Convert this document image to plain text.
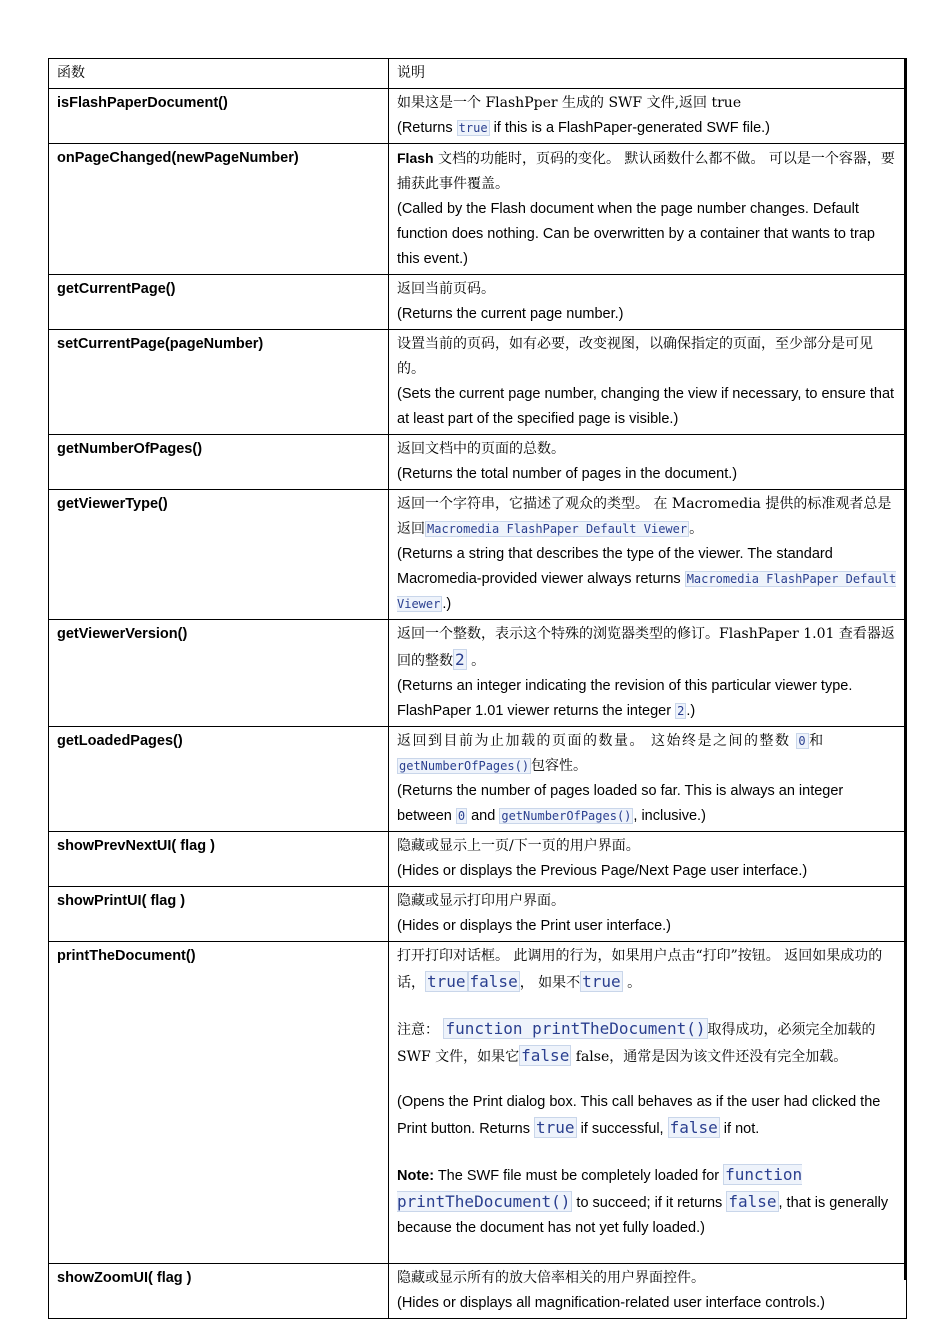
函数	说明
isFlashPaperDocument()	如果这是一个 FlashPper 生成的 SWF 文件,返回 true
(Returns true if this is a FlashPaper-generated SWF file.)

onPageChanged(newPageNumber)	Flash 文档的功能时，页码的变化。 默认函数什么都不做。 可以是一个容器，要捕获此事件覆盖。
(Called by the Flash document when the page number changes. Default function does nothing. Can be overwritten by a container that wants to trap this event.)

getCurrentPage()	返回当前页码。
(Returns the current page number.)

setCurrentPage(pageNumber)	设置当前的页码，如有必要，改变视图，以确保指定的页面，至少部分是可见的。
(Sets the current page number, changing the view if necessary, to ensure that at least part of the specified page is visible.)

getNumberOfPages()	返回文档中的页面的总数。
(Returns the total number of pages in the document.)

getViewerType()	返回一个字符串，它描述了观众的类型。 在 Macromedia 提供的标准观者总是返回 Macromedia FlashPaper Default Viewer 。
(Returns a string that describes the type of the viewer. The standard Macromedia-provided viewer always returns Macromedia FlashPaper Default Viewer .)

getViewerVersion()	返回一个整数，表示这个特殊的浏览器类型的修订。FlashPaper 1.01 查看器返回的整数 2 。
(Returns an integer indicating the revision of this particular viewer type. FlashPaper 1.01 viewer returns the integer 2 .)

getLoadedPages()	返回到目前为止加载的页面的数量。 这始终是之间的整数 0 和 getNumberOfPages() 包容性。
(Returns the number of pages loaded so far. This is always an integer between 0 and getNumberOfPages() , inclusive.)

showPrevNextUI( flag )	隐藏或显示上一页/下一页的用户界面。
(Hides or displays the Previous Page/Next Page user interface.)

showPrintUI( flag )	隐藏或显示打印用户界面。
(Hides or displays the Print user interface.)

printTheDocument()	打开打印对话框。 此调用的行为，如果用户点击“打印”按钮。 返回如果成功的话， true false ， 如果不 true 。
注意： function printTheDocument() 取得成功，必须完全加载的 SWF 文件，如果它 false false，通常是因为该文件还没有完全加载。
(Opens the Print dialog box. This call behaves as if the user had clicked the Print button. Returns true if successful, false if not.
Note: The SWF file must be completely loaded for function printTheDocument() to succeed; if it returns false , that is generally because the document has not yet fully loaded.)

showZoomUI( flag )	隐藏或显示所有的放大倍率相关的用户界面控件。
(Hides or displays all magnification-related user interface controls.)
